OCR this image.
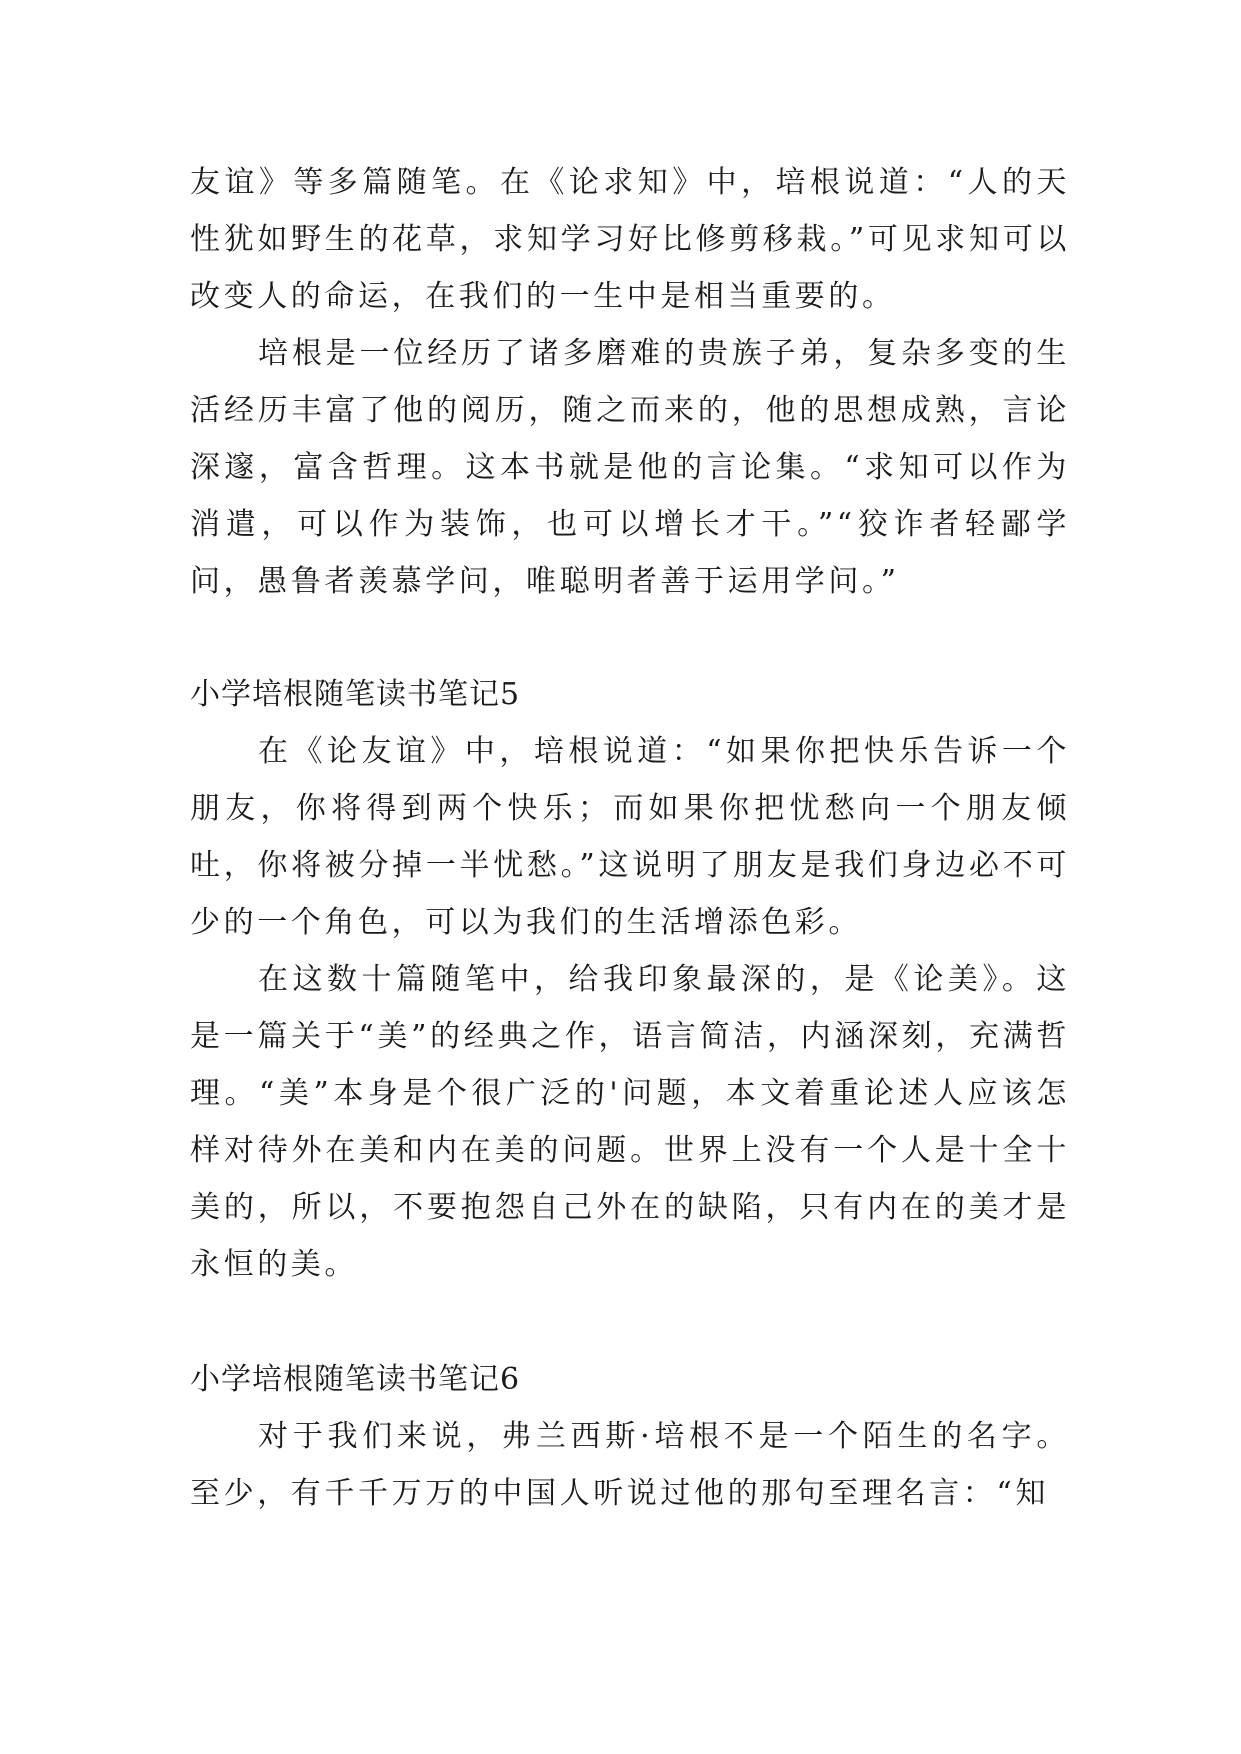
友谊》等多篇随笔。在《论求知》中，培根说道：“人的天性犹如野生的花草，求知学习好比修剪移栽。”可见求知可以改变人的命运，在我们的一生中是相当重要的。

培根是一位经历了诸多磨难的贵族子弟，复杂多变的生活经历丰富了他的阅历，随之而来的，他的思想成熟，言论深邃，富含哲理。这本书就是他的言论集。“求知可以作为消遣，可以作为装饰，也可以增长才干。”“狡诈者轻鄙学问，愚鲁者羡慕学问，唯聪明者善于运用学问。”

小学培根随笔读书笔记5

在《论友谊》中，培根说道：“如果你把快乐告诉一个朋友，你将得到两个快乐；而如果你把忧愁向一个朋友倾吐，你将被分掉一半忧愁。”这说明了朋友是我们身边必不可少的一个角色，可以为我们的生活增添色彩。

在这数十篇随笔中，给我印象最深的，是《论美》。这是一篇关于“美”的经典之作，语言简洁，内涵深刻，充满哲理。“美”本身是个很广泛的'问题，本文着重论述人应该怎样对待外在美和内在美的问题。世界上没有一个人是十全十美的，所以，不要抱怨自己外在的缺陷，只有内在的美才是永恒的美。

小学培根随笔读书笔记6

对于我们来说，弗兰西斯·培根不是一个陌生的名字。至少，有千千万万的中国人听说过他的那句至理名言：“知
